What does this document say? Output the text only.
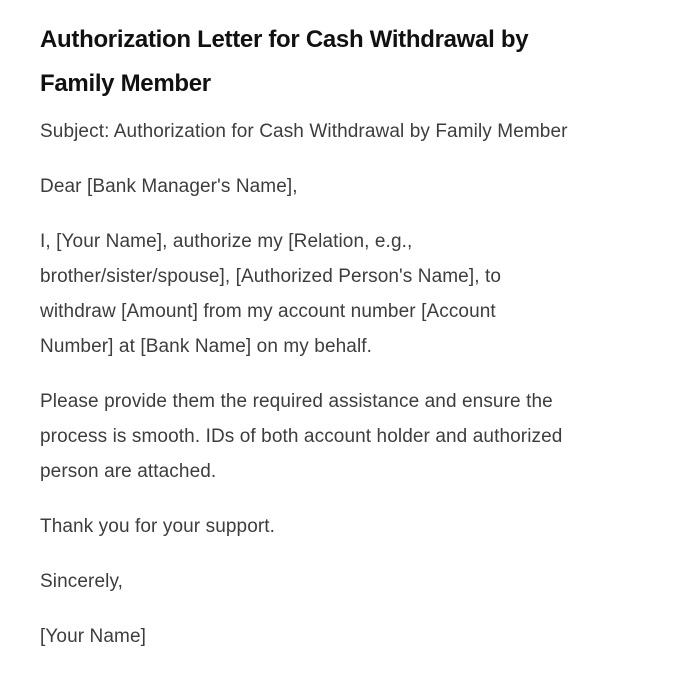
Authorization Letter for Cash Withdrawal by
Family Member

Subject: Authorization for Cash Withdrawal by Family Member

Dear [Bank Manager's Name],

I, [Your Name], authorize my [Relation, e.g.,
brother/sister/spouse], [Authorized Person's Name], to
withdraw [Amount] from my account number [Account
Number] at [Bank Name] on my behalf.

Please provide them the required assistance and ensure the
process is smooth. IDs of both account holder and authorized
person are attached.

Thank you for your support.

Sincerely,

[Your Name]
